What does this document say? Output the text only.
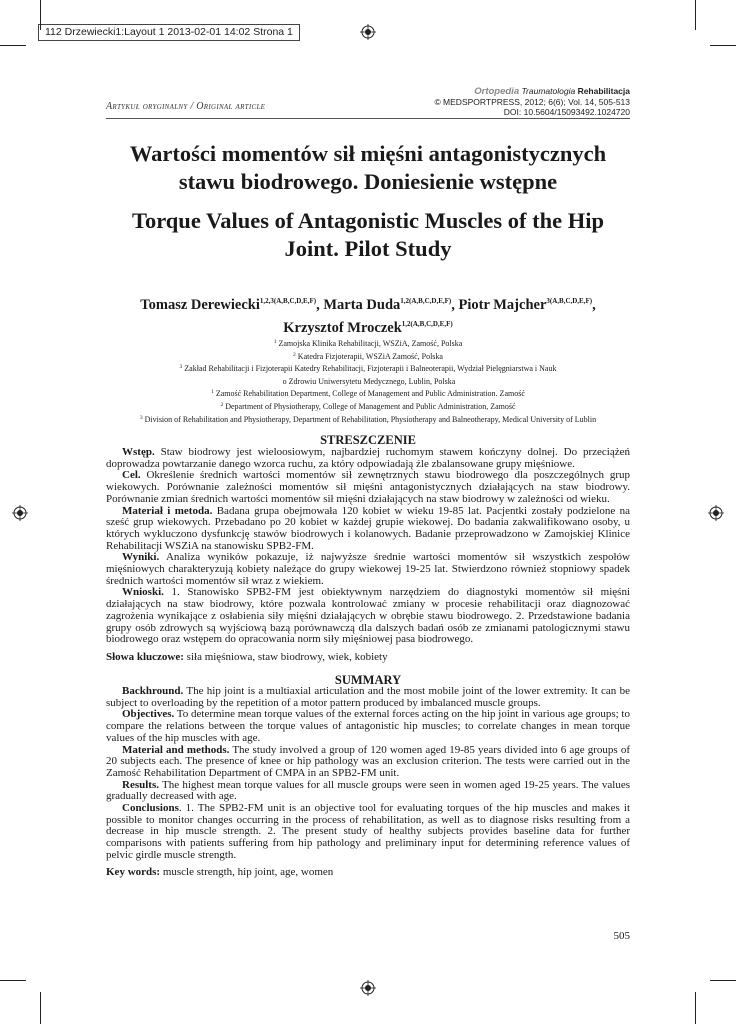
112 Drzewiecki1:Layout 1 2013-02-01 14:02 Strona 1
Artykuł oryginalny / Original article
Ortopedia Traumatologia Rehabilitacja
© MEDSPORTPRESS, 2012; 6(6); Vol. 14, 505-513
DOI: 10.5604/15093492.1024720
Wartości momentów sił mięśni antagonistycznych
stawu biodrowego. Doniesienie wstępne
Torque Values of Antagonistic Muscles of the Hip
Joint. Pilot Study
Tomasz Derewiecki$^{1,2,3(A,B,C,D,E,F)}$, Marta Duda$^{1,2(A,B,C,D,E,F)}$, Piotr Majcher$^{3(A,B,C,D,E,F)}$,
Krzysztof Mroczek$^{1,2(A,B,C,D,E,F)}$
$^1$ Zamojska Klinika Rehabilitacji, WSZiA, Zamość, Polska
$^2$ Katedra Fizjoterapii, WSZiA Zamość, Polska
$^3$ Zakład Rehabilitacji i Fizjoterapii Katedry Rehabilitacji, Fizjoterapii i Balneoterapii, Wydział Pielęgniarstwa i Nauk
o Zdrowiu Uniwersytetu Medycznego, Lublin, Polska
$^1$ Zamość Rehabilitation Department, College of Management and Public Administration. Zamość
$^2$ Department of Physiotherapy, College of Management and Public Administration, Zamość
$^3$ Division of Rehabilitation and Physiotherapy, Department of Rehabilitation, Physiotherapy and Balneotherapy, Medical University of Lublin
STRESZCZENIE

Wstęp. Staw biodrowy jest wieloosiowym, najbardziej ruchomym stawem kończyny dolnej. Do przeciążeń doprowadza powtarzanie danego wzorca ruchu, za który odpowiadają źle zbalansowane grupy mięśniowe.

Cel. Określenie średnich wartości momentów sił zewnętrznych stawu biodrowego dla poszczególnych grup wiekowych. Porównanie zależności momentów sił mięśni antagonistycznych działających na staw biodrowy. Porównanie zmian średnich wartości momentów sił mięśni działających na staw biodrowy w zależności od wieku.

Materiał i metoda. Badana grupa obejmowała 120 kobiet w wieku 19-85 lat. Pacjentki zostały podzielone na sześć grup wiekowych. Przebadano po 20 kobiet w każdej grupie wiekowej. Do badania zakwalifikowano osoby, u których wykluczono dysfunkcję stawów biodrowych i kolanowych. Badanie przeprowadzono w Zamojskiej Klinice Rehabilitacji WSZiA na stanowisku SPB2-FM.

Wyniki. Analiza wyników pokazuje, iż najwyższe średnie wartości momentów sił wszystkich zespołów mięśniowych charakteryzują kobiety należące do grupy wiekowej 19-25 lat. Stwierdzono również stopniowy spadek średnich wartości momentów sił wraz z wiekiem.

Wnioski. 1. Stanowisko SPB2-FM jest obiektywnym narzędziem do diagnostyki momentów sił mięśni działających na staw biodrowy, które pozwala kontrolować zmiany w procesie rehabilitacji oraz diagnozować zagrożenia wynikające z osłabienia siły mięśni działających w obrębie stawu biodrowego. 2. Przedstawione badania grupy osób zdrowych są wyjściową bazą porównawczą dla dalszych badań osób ze zmianami patologicznymi stawu biodrowego oraz wstępem do opracowania norm siły mięśniowej pasa biodrowego.

Słowa kluczowe: siła mięśniowa, staw biodrowy, wiek, kobiety
SUMMARY

Backhround. The hip joint is a multiaxial articulation and the most mobile joint of the lower extremity. It can be subject to overloading by the repetition of a motor pattern produced by imbalanced muscle groups.

Objectives. To determine mean torque values of the external forces acting on the hip joint in various age groups; to compare the relations between the torque values of antagonistic hip muscles; to correlate changes in mean torque values of the hip muscles with age.

Material and methods. The study involved a group of 120 women aged 19-85 years divided into 6 age groups of 20 subjects each. The presence of knee or hip pathology was an exclusion criterion. The tests were carried out in the Zamość Rehabilitation Department of CMPA in an SPB2-FM unit.

Results. The highest mean torque values for all muscle groups were seen in women aged 19-25 years. The values gradually decreased with age.

Conclusions. 1. The SPB2-FM unit is an objective tool for evaluating torques of the hip muscles and makes it possible to monitor changes occurring in the process of rehabilitation, as well as to diagnose risks resulting from a decrease in hip muscle strength. 2. The present study of healthy subjects provides baseline data for further comparisons with patients suffering from hip pathology and preliminary input for determining reference values of pelvic girdle muscle strength.

Key words: muscle strength, hip joint, age, women
505
